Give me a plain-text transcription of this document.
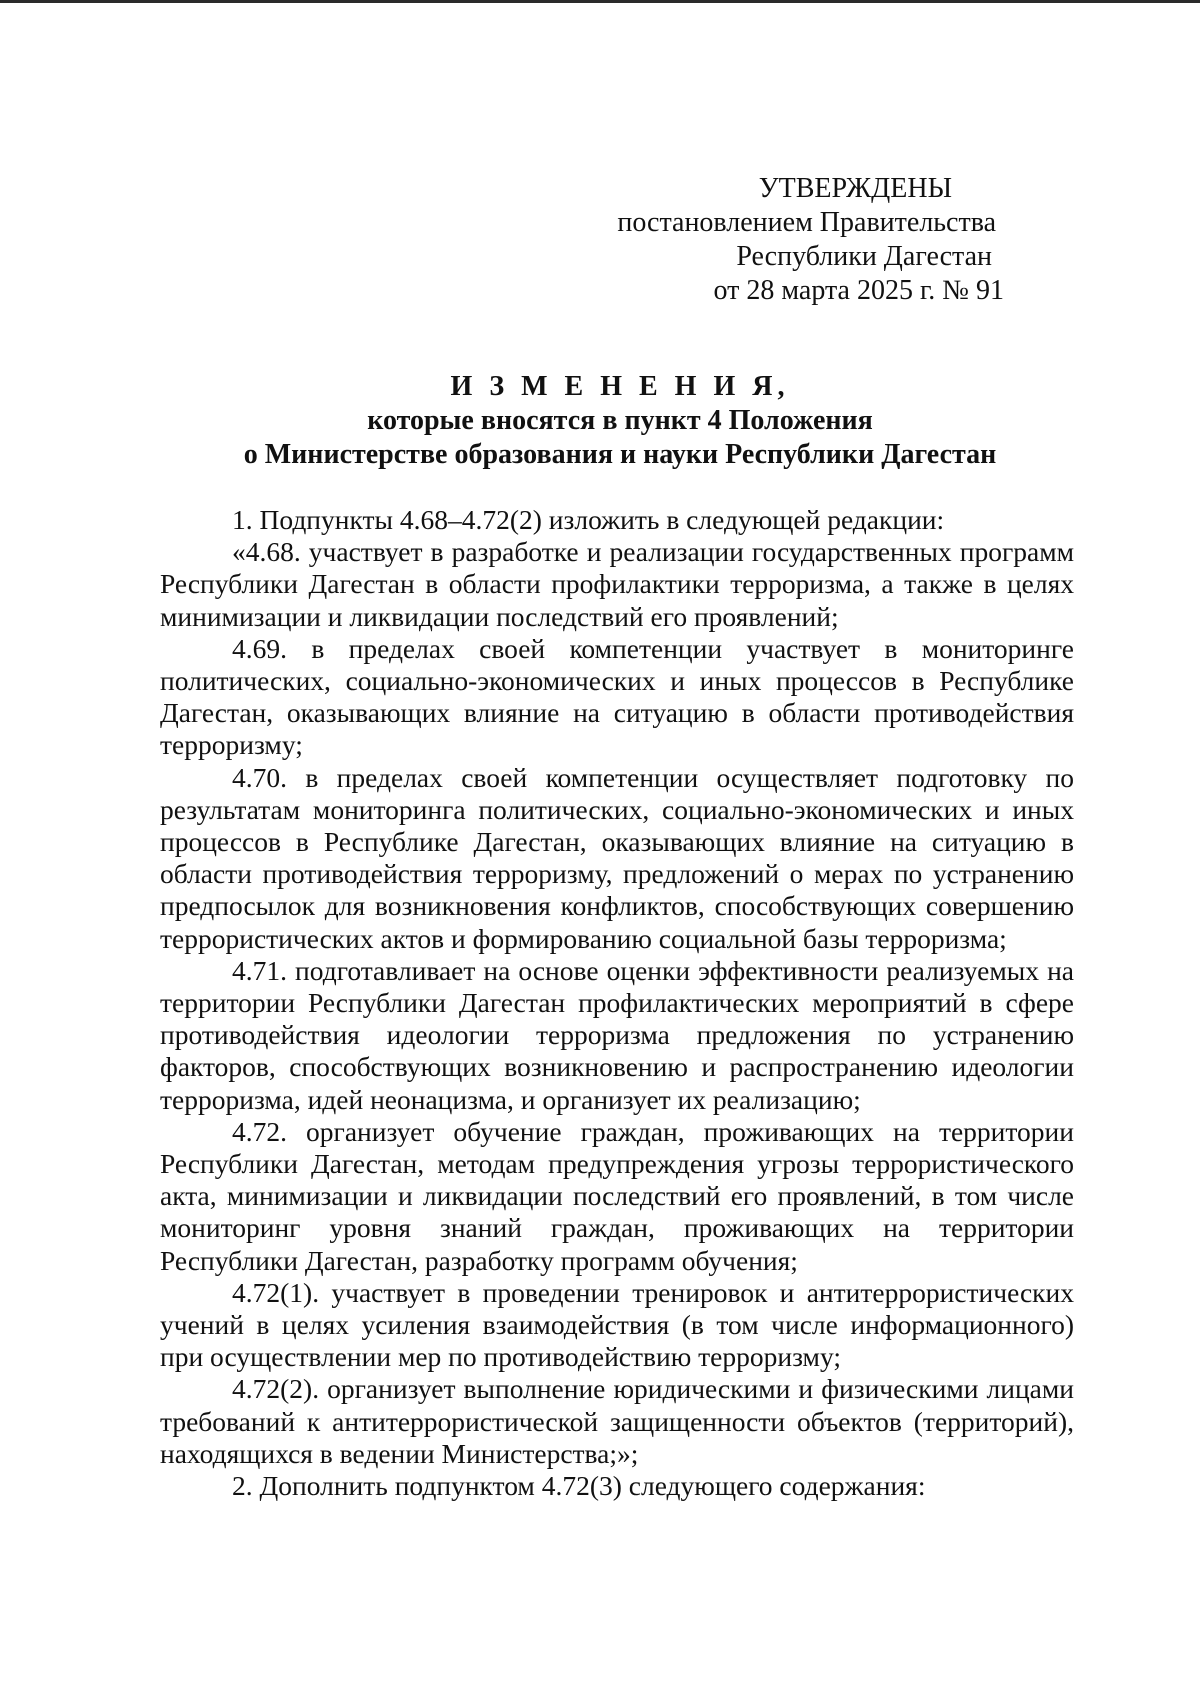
УТВЕРЖДЕНЫ
постановлением Правительства
Республики Дагестан
от 28 марта 2025 г. № 91
И З М Е Н Е Н И Я,
которые вносятся в пункт 4 Положения
о Министерстве образования и науки Республики Дагестан

1. Подпункты 4.68–4.72(2) изложить в следующей редакции:

«4.68. участвует в разработке и реализации государственных программ Республики Дагестан в области профилактики терроризма, а также в целях минимизации и ликвидации последствий его проявлений;

4.69. в пределах своей компетенции участвует в мониторинге политических, социально-экономических и иных процессов в Республике Дагестан, оказывающих влияние на ситуацию в области противодействия терроризму;

4.70. в пределах своей компетенции осуществляет подготовку по результатам мониторинга политических, социально-экономических и иных процессов в Республике Дагестан, оказывающих влияние на ситуацию в области противодействия терроризму, предложений о мерах по устранению предпосылок для возникновения конфликтов, способствующих совершению террористических актов и формированию социальной базы терроризма;

4.71. подготавливает на основе оценки эффективности реализуемых на территории Республики Дагестан профилактических мероприятий в сфере противодействия идеологии терроризма предложения по устранению факторов, способствующих возникновению и распространению идеологии терроризма, идей неонацизма, и организует их реализацию;

4.72. организует обучение граждан, проживающих на территории Республики Дагестан, методам предупреждения угрозы террористического акта, минимизации и ликвидации последствий его проявлений, в том числе мониторинг уровня знаний граждан, проживающих на территории Республики Дагестан, разработку программ обучения;

4.72(1). участвует в проведении тренировок и антитеррористических учений в целях усиления взаимодействия (в том числе информационного) при осуществлении мер по противодействию терроризму;

4.72(2). организует выполнение юридическими и физическими лицами требований к антитеррористической защищенности объектов (территорий), находящихся в ведении Министерства;»;

2. Дополнить подпунктом 4.72(3) следующего содержания:
